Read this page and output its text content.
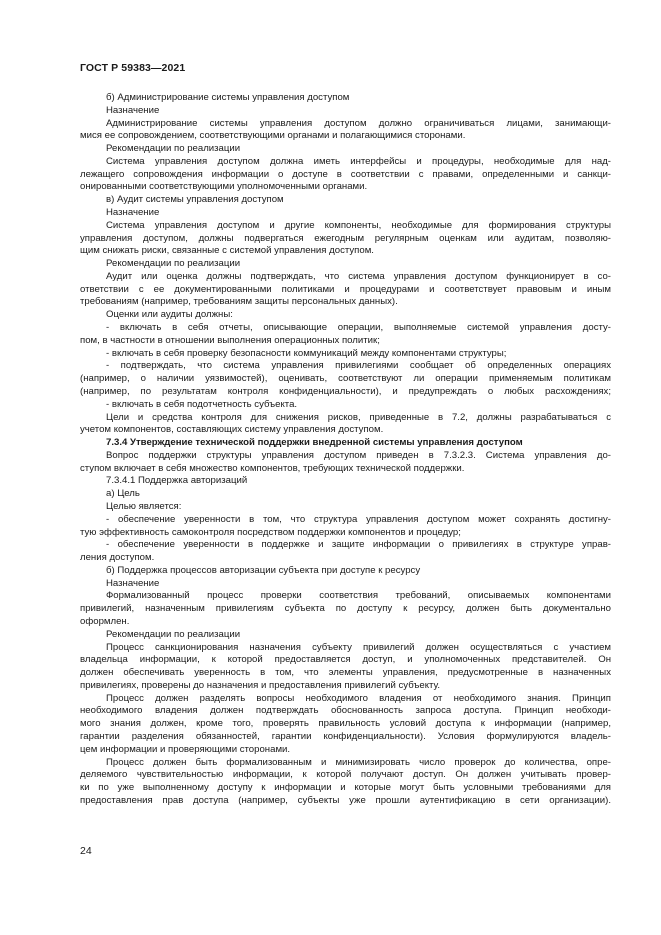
ГОСТ Р 59383—2021
б) Администрирование системы управления доступом
Назначение
Администрирование системы управления доступом должно ограничиваться лицами, занимающи-
мися ее сопровождением, соответствующими органами и полагающимися сторонами.
Рекомендации по реализации
Система управления доступом должна иметь интерфейсы и процедуры, необходимые для над-
лежащего сопровождения информации о доступе в соответствии с правами, определенными и санкци-
онированными соответствующими уполномоченными органами.
в) Аудит системы управления доступом
Назначение
Система управления доступом и другие компоненты, необходимые для формирования структуры
управления доступом, должны подвергаться ежегодным регулярным оценкам или аудитам, позволяю-
щим снижать риски, связанные с системой управления доступом.
Рекомендации по реализации
Аудит или оценка должны подтверждать, что система управления доступом функционирует в со-
ответствии с ее документированными политиками и процедурами и соответствует правовым и иным
требованиям (например, требованиям защиты персональных данных).
Оценки или аудиты должны:
- включать в себя отчеты, описывающие операции, выполняемые системой управления досту-
пом, в частности в отношении выполнения операционных политик;
- включать в себя проверку безопасности коммуникаций между компонентами структуры;
- подтверждать, что система управления привилегиями сообщает об определенных операциях
(например, о наличии уязвимостей), оценивать, соответствуют ли операции применяемым политикам
(например, по результатам контроля конфиденциальности), и предупреждать о любых расхождениях;
- включать в себя подотчетность субъекта.
Цели и средства контроля для снижения рисков, приведенные в 7.2, должны разрабатываться с
учетом компонентов, составляющих систему управления доступом.
7.3.4 Утверждение технической поддержки внедренной системы управления доступом
Вопрос поддержки структуры управления доступом приведен в 7.3.2.3. Система управления до-
ступом включает в себя множество компонентов, требующих технической поддержки.
7.3.4.1 Поддержка авторизаций
а) Цель
Целью является:
- обеспечение уверенности в том, что структура управления доступом может сохранять достигну-
тую эффективность самоконтроля посредством поддержки компонентов и процедур;
- обеспечение уверенности в поддержке и защите информации о привилегиях в структуре управ-
ления доступом.
б) Поддержка процессов авторизации субъекта при доступе к ресурсу
Назначение
Формализованный процесс проверки соответствия требований, описываемых компонентами
привилегий, назначенным привилегиям субъекта по доступу к ресурсу, должен быть документально
оформлен.
Рекомендации по реализации
Процесс санкционирования назначения субъекту привилегий должен осуществляться с участием
владельца информации, к которой предоставляется доступ, и уполномоченных представителей. Он
должен обеспечивать уверенность в том, что элементы управления, предусмотренные в назначенных
привилегиях, проверены до назначения и предоставления привилегий субъекту.
Процесс должен разделять вопросы необходимого владения от необходимого знания. Принцип
необходимого владения должен подтверждать обоснованность запроса доступа. Принцип необходи-
мого знания должен, кроме того, проверять правильность условий доступа к информации (например,
гарантии разделения обязанностей, гарантии конфиденциальности). Условия формулируются владель-
цем информации и проверяющими сторонами.
Процесс должен быть формализованным и минимизировать число проверок до количества, опре-
деляемого чувствительностью информации, к которой получают доступ. Он должен учитывать провер-
ки по уже выполненному доступу к информации и которые могут быть условными требованиями для
предоставления прав доступа (например, субъекты уже прошли аутентификацию в сети организации).
24
